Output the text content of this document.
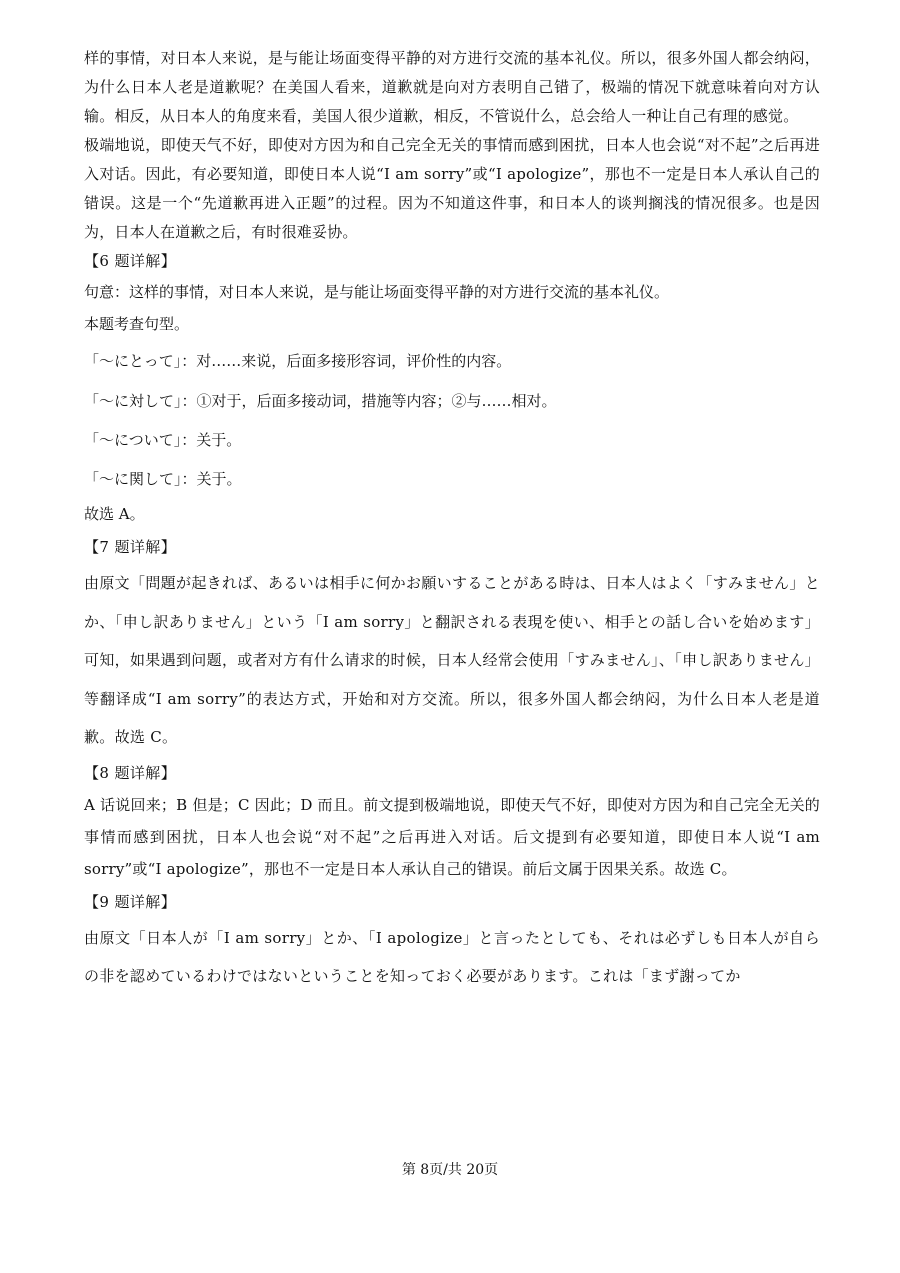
样的事情，对日本人来说，是与能让场面变得平静的对方进行交流的基本礼仪。所以，很多外国人都会纳闷，为什么日本人老是道歉呢？在美国人看来，道歉就是向对方表明自己错了，极端的情况下就意味着向对方认输。相反，从日本人的角度来看，美国人很少道歉，相反，不管说什么，总会给人一种让自己有理的感觉。

极端地说，即使天气不好，即使对方因为和自己完全无关的事情而感到困扰，日本人也会说“对不起”之后再进入对话。因此，有必要知道，即使日本人说“I am sorry”或“I apologize”，那也不一定是日本人承认自己的错误。这是一个“先道歉再进入正题”的过程。因为不知道这件事，和日本人的谈判搁浅的情况很多。也是因为，日本人在道歉之后，有时很难妥协。

【6 题详解】

句意：这样的事情，对日本人来说，是与能让场面变得平静的对方进行交流的基本礼仪。

本题考查句型。

「～にとって」：对……来说，后面多接形容词，评价性的内容。

「～に対して」：①对于，后面多接动词，措施等内容；②与……相对。

「～について」：关于。

「～に関して」：关于。

故选 A。

【7 题详解】

由原文「問題が起きれば、あるいは相手に何かお願いすることがある時は、日本人はよく「すみません」とか、「申し訳ありません」という「I am sorry」と翻訳される表現を使い、相手との話し合いを始めます」可知，如果遇到问题，或者对方有什么请求的时候，日本人经常会使用「すみません」、「申し訳ありません」等翻译成“I am sorry”的表达方式，开始和对方交流。所以，很多外国人都会纳闷，为什么日本人老是道歉。故选 C。

【8 题详解】

A 话说回来；B 但是；C 因此；D 而且。前文提到极端地说，即使天气不好，即使对方因为和自己完全无关的事情而感到困扰，日本人也会说“对不起”之后再进入对话。后文提到有必要知道，即使日本人说“I am sorry”或“I apologize”，那也不一定是日本人承认自己的错误。前后文属于因果关系。故选 C。

【9 题详解】

由原文「日本人が「I am sorry」とか、「I apologize」と言ったとしても、それは必ずしも日本人が自らの非を認めているわけではないということを知っておく必要があります。これは「まず謝ってか

第 8页/共 20页
